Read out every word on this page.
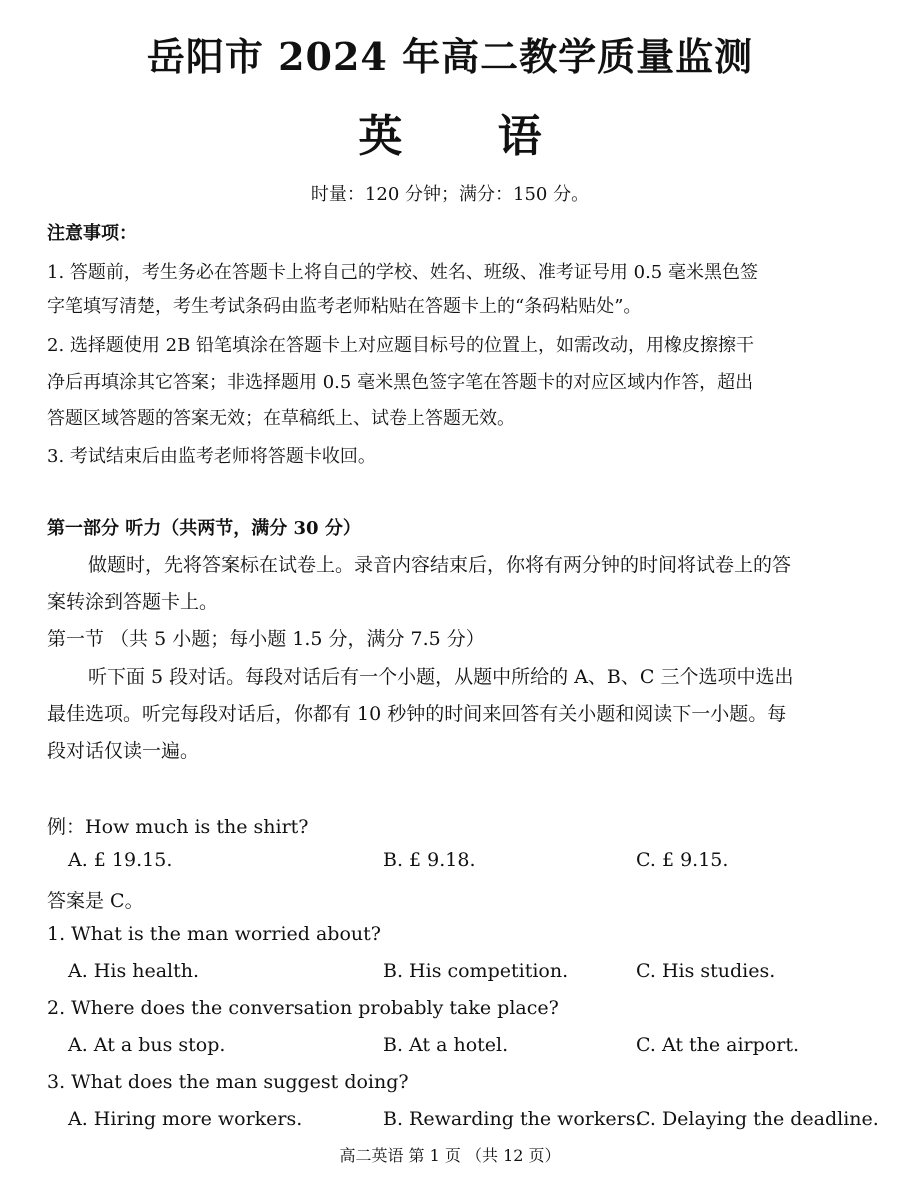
岳阳市 2024 年高二教学质量监测
英 语
时量：120 分钟；满分：150 分。
注意事项：
1. 答题前，考生务必在答题卡上将自己的学校、姓名、班级、准考证号用 0.5 毫米黑色签
字笔填写清楚，考生考试条码由监考老师粘贴在答题卡上的“条码粘贴处”。
2. 选择题使用 2B 铅笔填涂在答题卡上对应题目标号的位置上，如需改动，用橡皮擦擦干
净后再填涂其它答案；非选择题用 0.5 毫米黑色签字笔在答题卡的对应区域内作答，超出
答题区域答题的答案无效；在草稿纸上、试卷上答题无效。
3. 考试结束后由监考老师将答题卡收回。
第一部分 听力（共两节，满分 30 分）
做题时，先将答案标在试卷上。录音内容结束后，你将有两分钟的时间将试卷上的答
案转涂到答题卡上。
第一节 （共 5 小题；每小题 1.5 分，满分 7.5 分）
听下面 5 段对话。每段对话后有一个小题，从题中所给的 A、B、C 三个选项中选出
最佳选项。听完每段对话后，你都有 10 秒钟的时间来回答有关小题和阅读下一小题。每
段对话仅读一遍。
例：How much is the shirt?
A. £ 19.15.	B. £ 9.18.	C. £ 9.15.
答案是 C。
1. What is the man worried about?
A. His health.	B. His competition.	C. His studies.
2. Where does the conversation probably take place?
A. At a bus stop.	B. At a hotel.	C. At the airport.
3. What does the man suggest doing?
A. Hiring more workers.	B. Rewarding the workers.
C. Delaying the deadline.
高二英语 第 1 页 （共 12 页）
